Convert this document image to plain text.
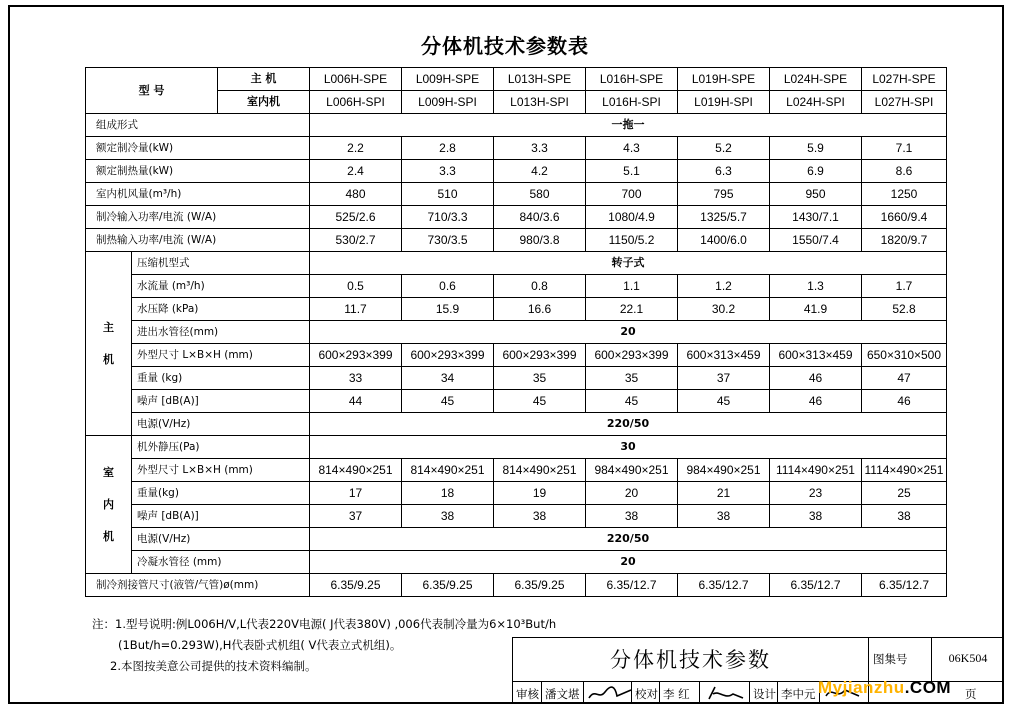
分体机技术参数表
型 号		主 机	L006H-SPE	L009H-SPE	L013H-SPE	L016H-SPE	L019H-SPE	L024H-SPE	L027H-SPE
		室内机	L006H-SPI	L009H-SPI	L013H-SPI	L016H-SPI	L019H-SPI	L024H-SPI	L027H-SPI
组成形式			一拖一						
额定制冷量(kW)			2.2	2.8	3.3	4.3	5.2	5.9	7.1
额定制热量(kW)			2.4	3.3	4.2	5.1	6.3	6.9	8.6
室内机风量(m³/h)			480	510	580	700	795	950	1250
制冷输入功率/电流 (W/A)			525/2.6	710/3.3	840/3.6	1080/4.9	1325/5.7	1430/7.1	1660/9.4
制热输入功率/电流 (W/A)			530/2.7	730/3.5	980/3.8	1150/5.2	1400/6.0	1550/7.4	1820/9.7

主
机	压缩机型式		转子式						
	水流量 (m³/h)		0.5	0.6	0.8	1.1	1.2	1.3	1.7
	水压降 (kPa)		11.7	15.9	16.6	22.1	30.2	41.9	52.8
	进出水管径(mm)		20						
	外型尺寸 L×B×H (mm)		600×293×399	600×293×399	600×293×399	600×293×399	600×313×459	600×313×459	650×310×500
	重量 (kg)		33	34	35	35	37	46	47
	噪声 [dB(A)]		44	45	45	45	45	46	46
	电源(V/Hz)		220/50						

室
内
机	机外静压(Pa)		30						
	外型尺寸 L×B×H (mm)		814×490×251	814×490×251	814×490×251	984×490×251	984×490×251	1114×490×251	1114×490×251
	重量(kg)		17	18	19	20	21	23	25
	噪声 [dB(A)]		37	38	38	38	38	38	38
	电源(V/Hz)		220/50						
	冷凝水管径 (mm)		20						
制冷剂接管尺寸(液管/气管)ø(mm)			6.35/9.25	6.35/9.25	6.35/9.25	6.35/12.7	6.35/12.7	6.35/12.7	6.35/12.7
注：1.型号说明:例L006H/V,L代表220V电源( J代表380V) ,006代表制冷量为6×10³But/h
(1But/h=0.293W),H代表卧式机组( V代表立式机组)。
2.本图按美意公司提供的技术资料编制。	分体机技术参数	图集号	06K504
审核 潘文堪	校对 李 红	设计 李中元	页
Myjianzhu.COM
